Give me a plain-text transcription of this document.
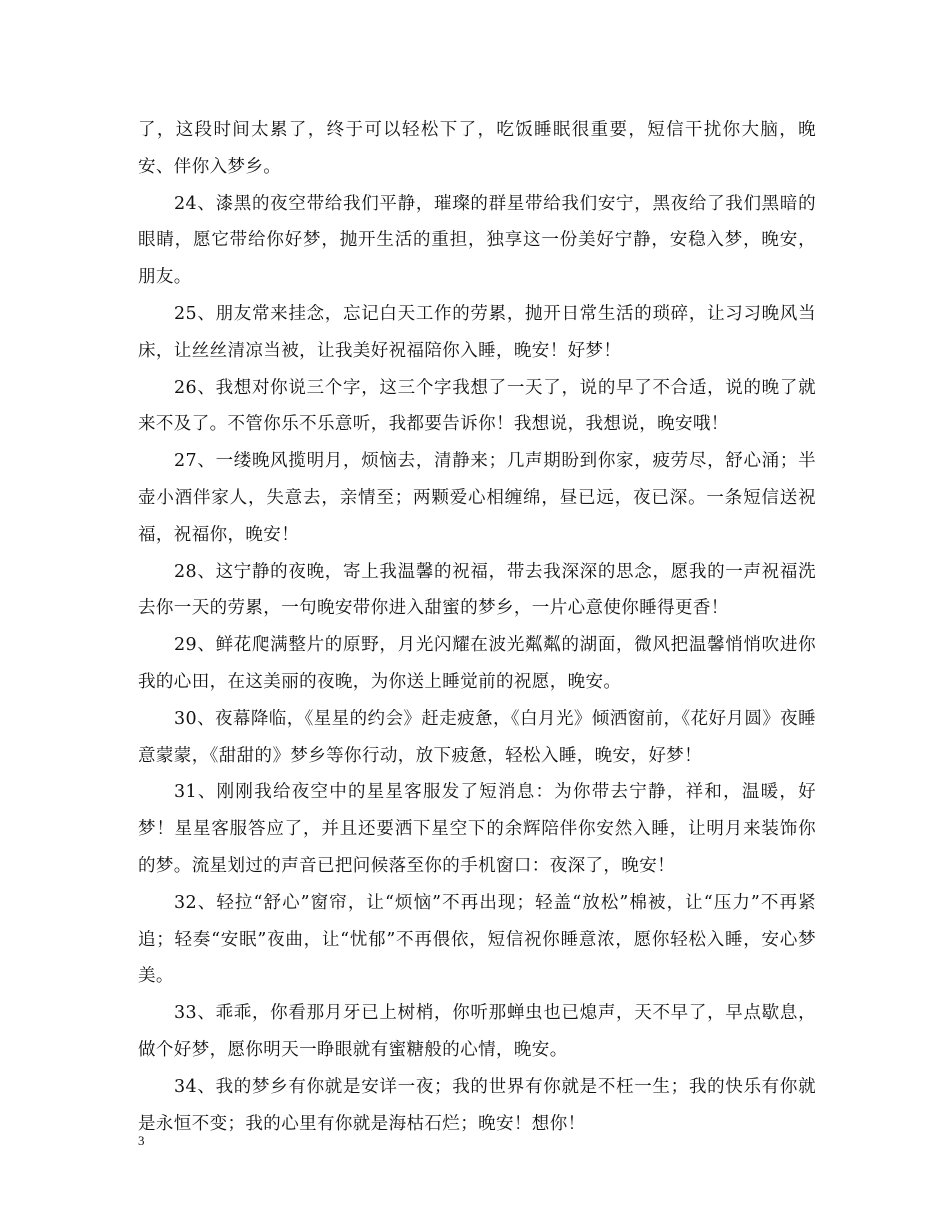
了，这段时间太累了，终于可以轻松下了，吃饭睡眠很重要，短信干扰你大脑，晚安、伴你入梦乡。

24、漆黑的夜空带给我们平静，璀璨的群星带给我们安宁，黑夜给了我们黑暗的眼睛，愿它带给你好梦，抛开生活的重担，独享这一份美好宁静，安稳入梦，晚安，朋友。

25、朋友常来挂念，忘记白天工作的劳累，抛开日常生活的琐碎，让习习晚风当床，让丝丝清凉当被，让我美好祝福陪你入睡，晚安！好梦！

26、我想对你说三个字，这三个字我想了一天了，说的早了不合适，说的晚了就来不及了。不管你乐不乐意听，我都要告诉你！我想说，我想说，晚安哦！

27、一缕晚风揽明月，烦恼去，清静来；几声期盼到你家，疲劳尽，舒心涌；半壶小酒伴家人，失意去，亲情至；两颗爱心相缠绵，昼已远，夜已深。一条短信送祝福，祝福你，晚安！

28、这宁静的夜晚，寄上我温馨的祝福，带去我深深的思念，愿我的一声祝福洗去你一天的劳累，一句晚安带你进入甜蜜的梦乡，一片心意使你睡得更香！

29、鲜花爬满整片的原野，月光闪耀在波光粼粼的湖面，微风把温馨悄悄吹进你我的心田，在这美丽的夜晚，为你送上睡觉前的祝愿，晚安。

30、夜幕降临，《星星的约会》赶走疲惫，《白月光》倾洒窗前，《花好月圆》夜睡意蒙蒙，《甜甜的》梦乡等你行动，放下疲惫，轻松入睡，晚安，好梦！

31、刚刚我给夜空中的星星客服发了短消息：为你带去宁静，祥和，温暖，好梦！星星客服答应了，并且还要洒下星空下的余辉陪伴你安然入睡，让明月来装饰你的梦。流星划过的声音已把问候落至你的手机窗口：夜深了，晚安！

32、轻拉“舒心”窗帘，让“烦恼”不再出现；轻盖“放松”棉被，让“压力”不再紧追；轻奏“安眠”夜曲，让“忧郁”不再偎依，短信祝你睡意浓，愿你轻松入睡，安心梦美。

33、乖乖，你看那月牙已上树梢，你听那蝉虫也已熄声，天不早了，早点歇息，做个好梦，愿你明天一睁眼就有蜜糖般的心情，晚安。

34、我的梦乡有你就是安详一夜；我的世界有你就是不枉一生；我的快乐有你就是永恒不变；我的心里有你就是海枯石烂；晚安！想你！

3
